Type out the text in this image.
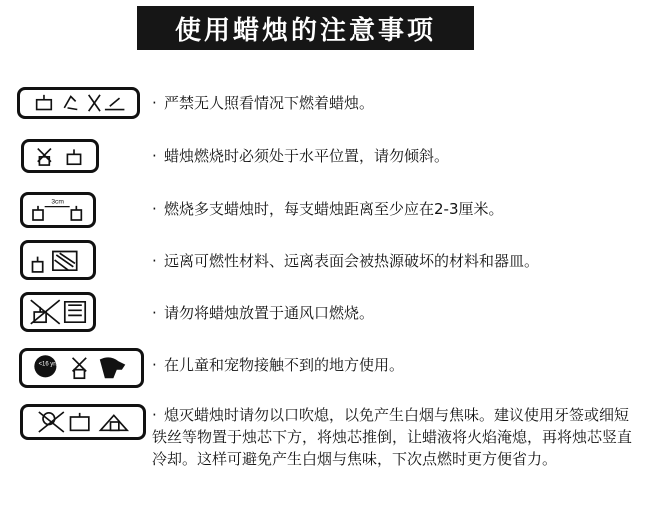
使用蜡烛的注意事项
· 严禁无人照看情况下燃着蜡烛。
· 蜡烛燃烧时必须处于水平位置，请勿倾斜。
3cm	· 燃烧多支蜡烛时，每支蜡烛距离至少应在2-3厘米。
· 远离可燃性材料、远离表面会被热源破坏的材料和器皿。
· 请勿将蜡烛放置于通风口燃烧。
<16 yrs	· 在儿童和宠物接触不到的地方使用。
· 熄灭蜡烛时请勿以口吹熄，以免产生白烟与焦味。建议使用牙签或细短铁丝等物置于烛芯下方，将烛芯推倒，让蜡液将火焰淹熄，再将烛芯竖直冷却。这样可避免产生白烟与焦味，下次点燃时更方便省力。
